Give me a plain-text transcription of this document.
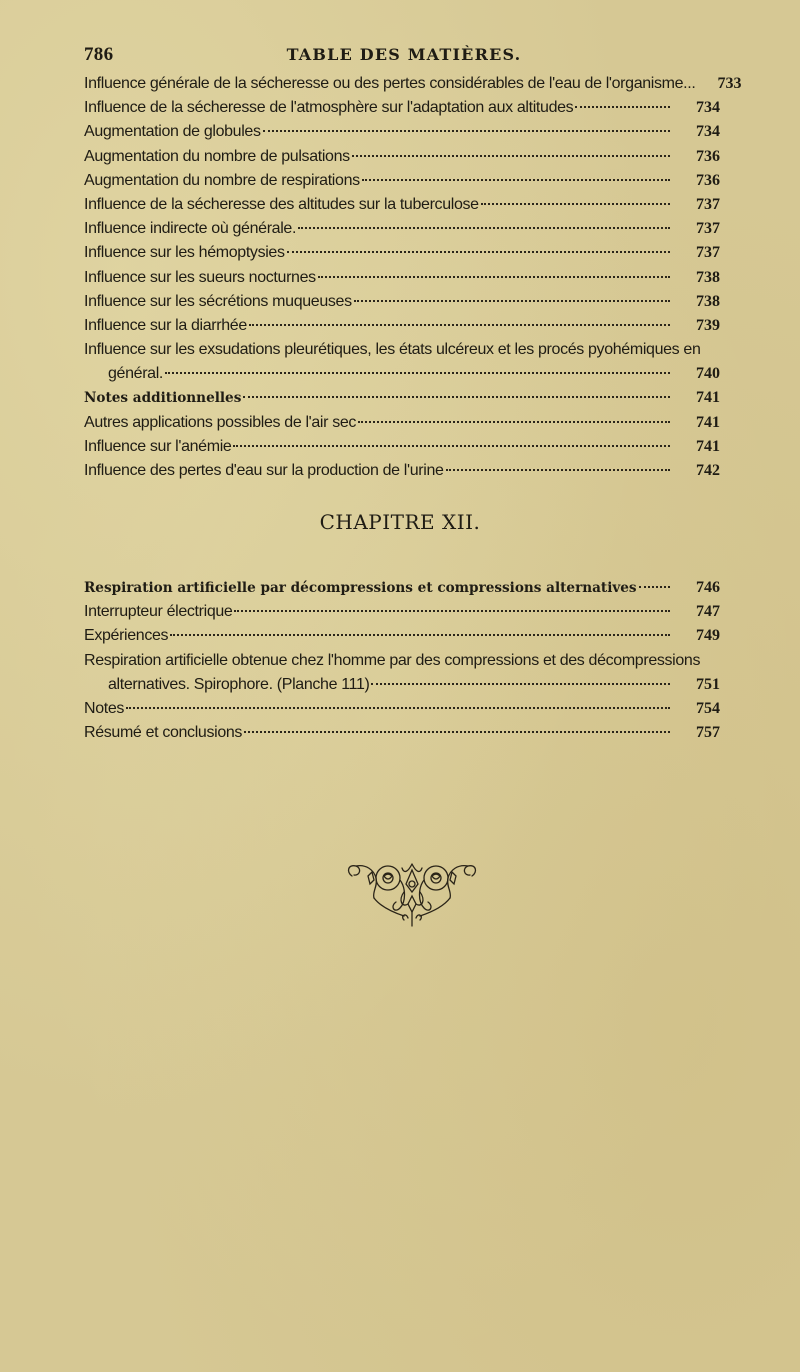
786	TABLE DES MATIÈRES.
Influence générale de la sécheresse ou des pertes considérables de l'eau de l'organisme...	733
Influence de la sécheresse de l'atmosphère sur l'adaptation aux altitudes	734
Augmentation de globules	734
Augmentation du nombre de pulsations	736
Augmentation du nombre de respirations	736
Influence de la sécheresse des altitudes sur la tuberculose	737
Influence indirecte où générale.	737
Influence sur les hémoptysies	737
Influence sur les sueurs nocturnes	738
Influence sur les sécrétions muqueuses	738
Influence sur la diarrhée	739
Influence sur les exsudations pleurétiques, les états ulcéreux et les procés pyohémiques en
général.	740
Notes additionnelles	741
Autres applications possibles de l'air sec	741
Influence sur l'anémie	741
Influence des pertes d'eau sur la production de l'urine	742
CHAPITRE XII.
Respiration artificielle par décompressions et compressions alternatives	746
Interrupteur électrique	747
Expériences	749
Respiration artificielle obtenue chez l'homme par des compressions et des décompressions
alternatives. Spirophore. (Planche 111)	751
Notes	754
Résumé et conclusions	757
